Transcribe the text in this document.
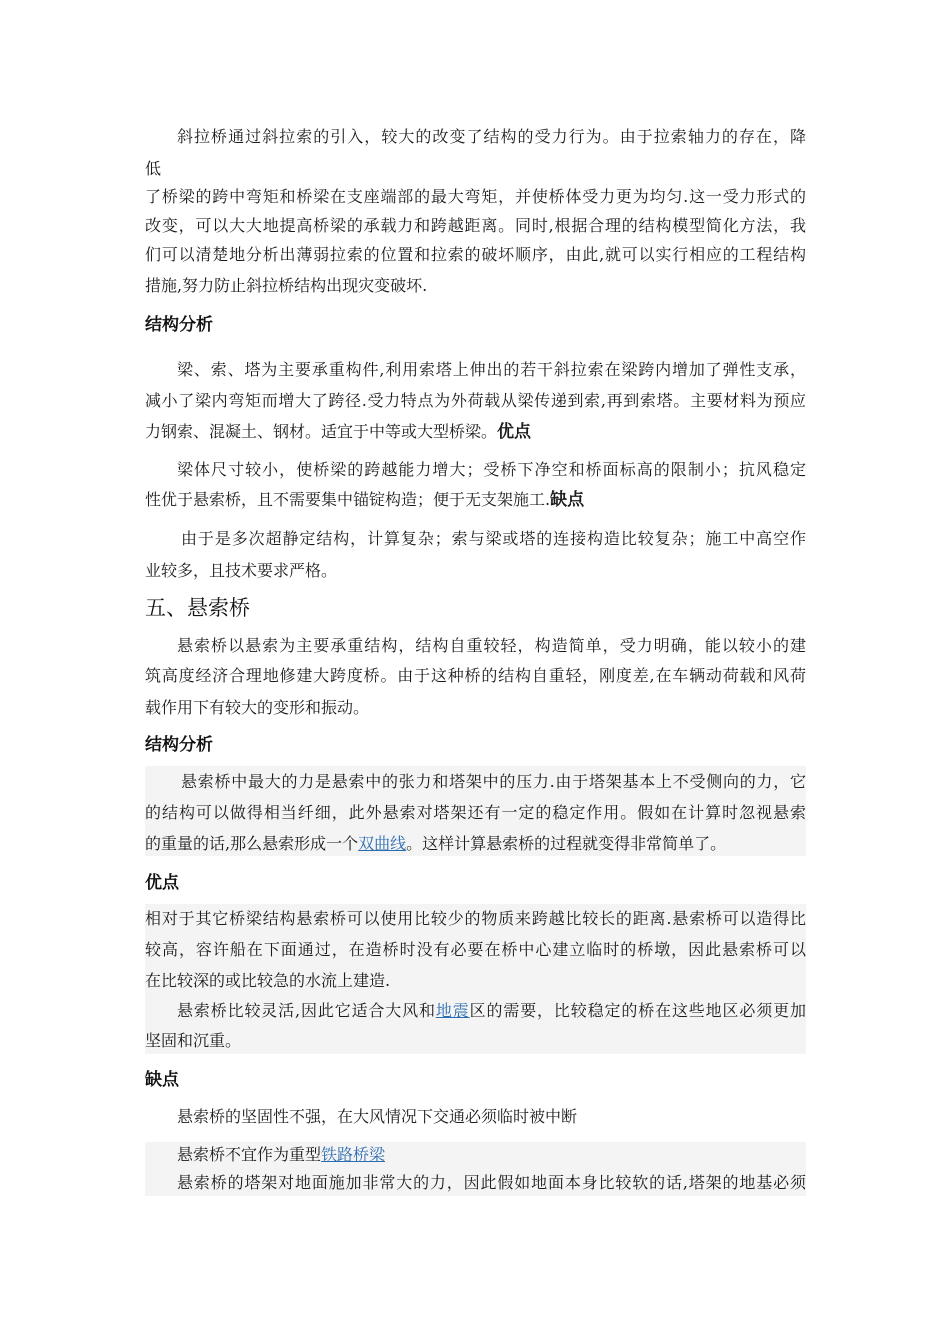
斜拉桥通过斜拉索的引入，较大的改变了结构的受力行为。由于拉索轴力的存在，降
低
了桥梁的跨中弯矩和桥梁在支座端部的最大弯矩，并使桥体受力更为均匀.这一受力形式的
改变，可以大大地提高桥梁的承载力和跨越距离。同时,根据合理的结构模型简化方法，我
们可以清楚地分析出薄弱拉索的位置和拉索的破坏顺序，由此,就可以实行相应的工程结构
措施,努力防止斜拉桥结构出现灾变破坏.
结构分析
梁、索、塔为主要承重构件,利用索塔上伸出的若干斜拉索在梁跨内增加了弹性支承，
减小了梁内弯矩而增大了跨径.受力特点为外荷载从梁传递到索,再到索塔。主要材料为预应
力钢索、混凝土、钢材。适宜于中等或大型桥梁。优点
梁体尺寸较小，使桥梁的跨越能力增大；受桥下净空和桥面标高的限制小；抗风稳定
性优于悬索桥，且不需要集中锚锭构造；便于无支架施工.缺点
由于是多次超静定结构，计算复杂；索与梁或塔的连接构造比较复杂；施工中高空作
业较多，且技术要求严格。
五、悬索桥
悬索桥以悬索为主要承重结构，结构自重较轻，构造简单，受力明确，能以较小的建
筑高度经济合理地修建大跨度桥。由于这种桥的结构自重轻，刚度差,在车辆动荷载和风荷
载作用下有较大的变形和振动。
结构分析
悬索桥中最大的力是悬索中的张力和塔架中的压力.由于塔架基本上不受侧向的力，它
的结构可以做得相当纤细，此外悬索对塔架还有一定的稳定作用。假如在计算时忽视悬索
的重量的话,那么悬索形成一个双曲线。这样计算悬索桥的过程就变得非常简单了。
优点
相对于其它桥梁结构悬索桥可以使用比较少的物质来跨越比较长的距离.悬索桥可以造得比
较高，容许船在下面通过，在造桥时没有必要在桥中心建立临时的桥墩，因此悬索桥可以
在比较深的或比较急的水流上建造.
悬索桥比较灵活,因此它适合大风和地震区的需要，比较稳定的桥在这些地区必须更加
坚固和沉重。
缺点
悬索桥的坚固性不强，在大风情况下交通必须临时被中断
悬索桥不宜作为重型铁路桥梁
悬索桥的塔架对地面施加非常大的力，因此假如地面本身比较软的话,塔架的地基必须
